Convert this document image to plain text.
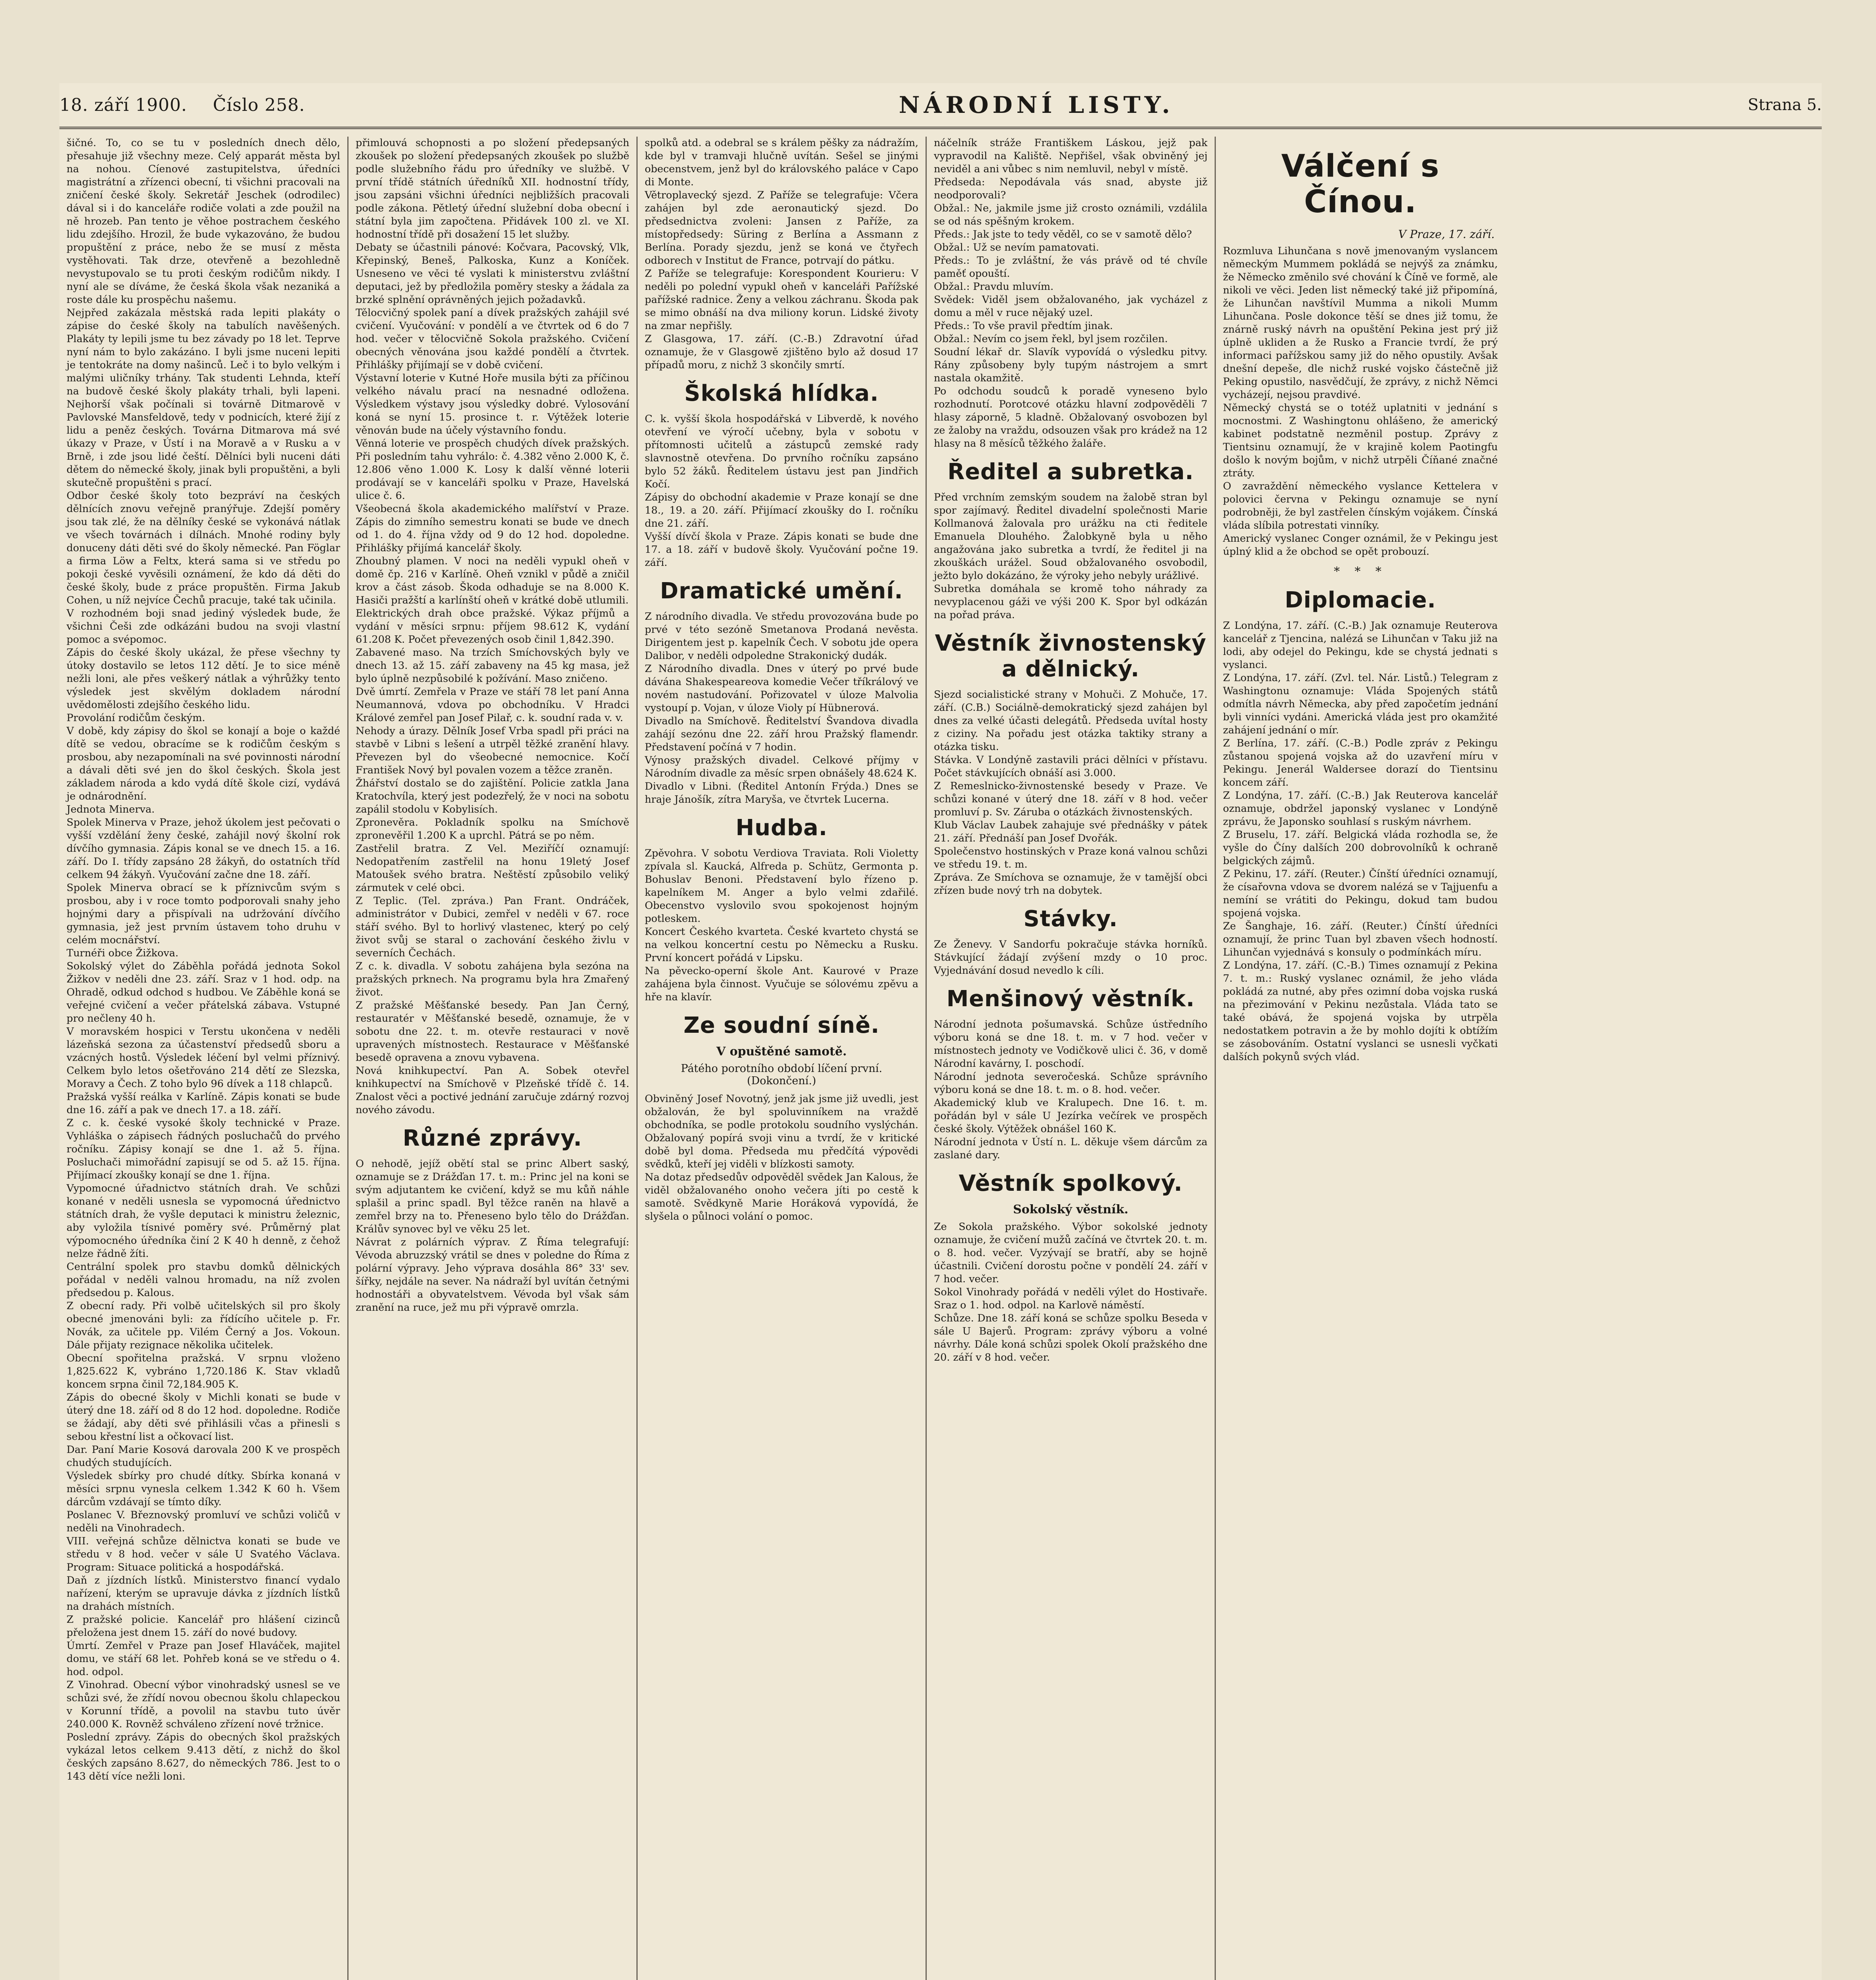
18. září 1900. Číslo 258.	NÁRODNÍ LISTY.	Strana 5.

šičné. To, co se tu v posledních dnech dělo, přesahuje již všechny meze. Celý apparát města byl na nohou. Cíenové zastupitelstva, úředníci magistrátní a zřízenci obecní, ti všichni pracovali na zničení české školy. Sekretář Jeschek (odrodilec) dával si i do kanceláře rodiče volati a zde použil na ně hrozeb. Pan tento je věhoe postrachem českého lidu zdejšího. Hrozil, že bude vykazováno, že budou propuštění z práce, nebo že se musí z města vystěhovati. Tak drze, otevřeně a bezohledně nevystupovalo se tu proti českým rodičům nikdy. I nyní ale se díváme, že česká škola však nezaniká a roste dále ku prospěchu našemu.
Nejpřed zakázala městská rada lepiti plakáty o zápise do české školy na tabulích navěšených. Plakáty ty lepili jsme tu bez závady po 18 let. Teprve nyní nám to bylo zakázáno. I byli jsme nuceni lepiti je tentokráte na domy našinců. Leč i to bylo velkým i malými uličníky trhány. Tak studenti Lehnda, kteří na budově české školy plakáty trhali, byli lapeni. Nejhorší však počínali si továrně Ditmarově v Pavlovské Mansfeldově, tedy v podnicích, které žijí z lidu a peněz českých. Továrna Ditmarova má své úkazy v Praze, v Ústí i na Moravě a v Rusku a v Brně, i zde jsou lidé čeští. Dělníci byli nuceni dáti dětem do německé školy, jinak byli propuštěni, a byli skutečně propuštěni s prací.
Odbor české školy toto bezpráví na českých dělnících znovu veřejně pranýřuje. Zdejší poměry jsou tak zlé, že na dělníky české se vykonává nátlak ve všech továrnách i dílnách. Mnohé rodiny byly donuceny dáti děti své do školy německé. Pan Föglar a firma Löw a Feltx, která sama si ve středu po pokoji české vyvěsili oznámení, že kdo dá děti do české školy, bude z práce propuštěn. Firma Jakub Cohen, u níž nejvíce Čechů pracuje, také tak učinila.
V rozhodném boji snad jediný výsledek bude, že všichni Češi zde odkázáni budou na svoji vlastní pomoc a svépomoc.
Zápis do české školy ukázal, že přese všechny ty útoky dostavilo se letos 112 dětí. Je to sice méně nežli loni, ale přes veškerý nátlak a výhrůžky tento výsledek jest skvělým dokladem národní uvědomělosti zdejšího českého lidu.
Provolání rodičům českým.
V době, kdy zápisy do škol se konají a boje o každé dítě se vedou, obracíme se k rodičům českým s prosbou, aby nezapomínali na své povinnosti národní a dávali děti své jen do škol českých. Škola jest základem národa a kdo vydá dítě škole cizí, vydává je odnárodnění.
Jednota Minerva.
Spolek Minerva v Praze, jehož úkolem jest pečovati o vyšší vzdělání ženy české, zahájil nový školní rok dívčího gymnasia. Zápis konal se ve dnech 15. a 16. září. Do I. třídy zapsáno 28 žákyň, do ostatních tříd celkem 94 žákyň. Vyučování začne dne 18. září.
Spolek Minerva obrací se k příznivcům svým s prosbou, aby i v roce tomto podporovali snahy jeho hojnými dary a přispívali na udržování dívčího gymnasia, jež jest prvním ústavem toho druhu v celém mocnářství.
Turnéři obce Žižkova.
Sokolský výlet do Záběhla pořádá jednota Sokol Žižkov v neděli dne 23. září. Sraz v 1 hod. odp. na Ohradě, odkud odchod s hudbou. Ve Záběhle koná se veřejné cvičení a večer přátelská zábava. Vstupné pro nečleny 40 h.
V moravském hospici v Terstu ukončena v neděli lázeňská sezona za účastenství předsedů sboru a vzácných hostů. Výsledek léčení byl velmi příznivý. Celkem bylo letos ošetřováno 214 dětí ze Slezska, Moravy a Čech. Z toho bylo 96 dívek a 118 chlapců.
Pražská vyšší reálka v Karlíně. Zápis konati se bude dne 16. září a pak ve dnech 17. a 18. září.
Z c. k. české vysoké školy technické v Praze. Vyhláška o zápisech řádných posluchačů do prvého ročníku. Zápisy konají se dne 1. až 5. října. Posluchači mimořádní zapisují se od 5. až 15. října. Přijímací zkoušky konají se dne 1. října.
Vypomocné úřadnictvo státních drah. Ve schůzi konané v neděli usnesla se vypomocná úřednictvo státních drah, že vyšle deputaci k ministru železnic, aby vyložila tísnivé poměry své. Průměrný plat výpomocného úředníka činí 2 K 40 h denně, z čehož nelze řádně žíti.
Centrální spolek pro stavbu domků dělnických pořádal v neděli valnou hromadu, na níž zvolen předsedou p. Kalous.
Z obecní rady. Při volbě učitelských sil pro školy obecné jmenováni byli: za řídícího učitele p. Fr. Novák, za učitele pp. Vilém Černý a Jos. Vokoun. Dále přijaty rezignace několika učitelek.
Obecní spořitelna pražská. V srpnu vloženo 1,825.622 K, vybráno 1,720.186 K. Stav vkladů koncem srpna činil 72,184.905 K.
Zápis do obecné školy v Michli konati se bude v úterý dne 18. září od 8 do 12 hod. dopoledne. Rodiče se žádají, aby děti své přihlásili včas a přinesli s sebou křestní list a očkovací list.
Dar. Paní Marie Kosová darovala 200 K ve prospěch chudých studujících.
Výsledek sbírky pro chudé dítky. Sbírka konaná v měsíci srpnu vynesla celkem 1.342 K 60 h. Všem dárcům vzdávají se tímto díky.
Poslanec V. Březnovský promluví ve schůzi voličů v neděli na Vinohradech.
VIII. veřejná schůze dělnictva konati se bude ve středu v 8 hod. večer v sále U Svatého Václava. Program: Situace politická a hospodářská.
Daň z jízdních lístků. Ministerstvo financí vydalo nařízení, kterým se upravuje dávka z jízdních lístků na drahách místních.
Z pražské policie. Kancelář pro hlášení cizinců přeložena jest dnem 15. září do nové budovy.
Úmrtí. Zemřel v Praze pan Josef Hlaváček, majitel domu, ve stáří 68 let. Pohřeb koná se ve středu o 4. hod. odpol.
Z Vinohrad. Obecní výbor vinohradský usnesl se ve schůzi své, že zřídí novou obecnou školu chlapeckou v Korunní třídě, a povolil na stavbu tuto úvěr 240.000 K. Rovněž schváleno zřízení nové tržnice.
Poslední zprávy. Zápis do obecných škol pražských vykázal letos celkem 9.413 dětí, z nichž do škol českých zapsáno 8.627, do německých 786. Jest to o 143 dětí více nežli loni.

přimlouvá schopnosti a po složení předepsaných zkoušek po složení předepsaných zkoušek po službě podle služebního řádu pro úředníky ve službě. V první třídě státních úředníků XII. hodnostní třídy, jsou zapsáni všichni úředníci nejbližších pracovali podle zákona. Pětletý úřední služební doba obecní i státní byla jim započtena. Přidávek 100 zl. ve XI. hodnostní třídě při dosažení 15 let služby.
Debaty se účastnili pánové: Kočvara, Pacovský, Vlk, Křepinský, Beneš, Palkoska, Kunz a Koníček. Usneseno ve věci té vyslati k ministerstvu zvláštní deputaci, jež by předložila poměry stesky a žádala za brzké splnění oprávněných jejich požadavků.
Tělocvičný spolek paní a dívek pražských zahájil své cvičení. Vyučování: v pondělí a ve čtvrtek od 6 do 7 hod. večer v tělocvičně Sokola pražského. Cvičení obecných věnována jsou každé pondělí a čtvrtek. Přihlášky přijímají se v době cvičení.
Výstavní loterie v Kutné Hoře musila býti za příčinou velkého návalu prací na nesnadné odložena. Výsledkem výstavy jsou výsledky dobré. Vylosování koná se nyní 15. prosince t. r. Výtěžek loterie věnován bude na účely výstavního fondu.
Věnná loterie ve prospěch chudých dívek pražských. Při posledním tahu vyhrálo: č. 4.382 věno 2.000 K, č. 12.806 věno 1.000 K. Losy k další věnné loterii prodávají se v kanceláři spolku v Praze, Havelská ulice č. 6.
Všeobecná škola akademického malířství v Praze. Zápis do zimního semestru konati se bude ve dnech od 1. do 4. října vždy od 9 do 12 hod. dopoledne. Přihlášky přijímá kancelář školy.
Zhoubný plamen. V noci na neděli vypukl oheň v domě čp. 216 v Karlíně. Oheň vznikl v půdě a zničil krov a část zásob. Škoda odhaduje se na 8.000 K. Hasiči pražští a karlínští oheň v krátké době utlumili.
Elektrických drah obce pražské. Výkaz příjmů a vydání v měsíci srpnu: příjem 98.612 K, vydání 61.208 K. Počet převezených osob činil 1,842.390.
Zabavené maso. Na trzích Smíchovských byly ve dnech 13. až 15. září zabaveny na 45 kg masa, jež bylo úplně nezpůsobilé k požívání. Maso zničeno.
Dvě úmrtí. Zemřela v Praze ve stáří 78 let paní Anna Neumannová, vdova po obchodníku. V Hradci Králové zemřel pan Josef Pilař, c. k. soudní rada v. v.
Nehody a úrazy. Dělník Josef Vrba spadl při práci na stavbě v Libni s lešení a utrpěl těžké zranění hlavy. Převezen byl do všeobecné nemocnice. Kočí František Nový byl povalen vozem a těžce zraněn.
Žhářství dostalo se do zajištění. Policie zatkla Jana Kratochvíla, který jest podezřelý, že v noci na sobotu zapálil stodolu v Kobylisích.
Zpronevěra. Pokladník spolku na Smíchově zpronevěřil 1.200 K a uprchl. Pátrá se po něm.
Zastřelil bratra. Z Vel. Meziříčí oznamují: Nedopatřením zastřelil na honu 19letý Josef Matoušek svého bratra. Neštěstí způsobilo veliký zármutek v celé obci.
Z Teplic. (Tel. zpráva.) Pan Frant. Ondráček, administrátor v Dubici, zemřel v neděli v 67. roce stáří svého. Byl to horlivý vlastenec, který po celý život svůj se staral o zachování českého živlu v severních Čechách.
Z c. k. divadla. V sobotu zahájena byla sezóna na pražských prknech. Na programu byla hra Zmařený život.
Z pražské Měšťanské besedy. Pan Jan Černý, restauratér v Měšťanské besedě, oznamuje, že v sobotu dne 22. t. m. otevře restauraci v nově upravených místnostech. Restaurace v Měšťanské besedě opravena a znovu vybavena.
Nová knihkupectví. Pan A. Sobek otevřel knihkupectví na Smíchově v Plzeňské třídě č. 14. Znalost věci a poctivé jednání zaručuje zdárný rozvoj nového závodu.

Různé zprávy.

O nehodě, jejíž obětí stal se princ Albert saský, oznamuje se z Drážďan 17. t. m.: Princ jel na koni se svým adjutantem ke cvičení, když se mu kůň náhle splašil a princ spadl. Byl těžce raněn na hlavě a zemřel brzy na to. Přeneseno bylo tělo do Drážďan. Králův synovec byl ve věku 25 let.
Návrat z polárních výprav. Z Říma telegrafují: Vévoda abruzzský vrátil se dnes v poledne do Říma z polární výpravy. Jeho výprava dosáhla 86° 33' sev. šířky, nejdále na sever. Na nádraží byl uvítán četnými hodnostáři a obyvatelstvem. Vévoda byl však sám zranění na ruce, jež mu při výpravě omrzla.

spolků atd. a odebral se s králem pěšky za nádražím, kde byl v tramvaji hlučně uvítán. Sešel se jinými obecenstvem, jenž byl do královského paláce v Capo di Monte.
Větroplavecký sjezd. Z Paříže se telegrafuje: Včera zahájen byl zde aeronautický sjezd. Do předsednictva zvoleni: Jansen z Paříže, za místopředsedy: Süring z Berlína a Assmann z Berlína. Porady sjezdu, jenž se koná ve čtyřech odborech v Institut de France, potrvají do pátku.
Z Paříže se telegrafuje: Korespondent Kourieru: V neděli po polední vypukl oheň v kanceláři Pařížské pařížské radnice. Ženy a velkou záchranu. Škoda pak se mimo obnáší na dva miliony korun. Lidské životy na zmar nepřišly.
Z Glasgowa, 17. září. (C.-B.) Zdravotní úřad oznamuje, že v Glasgowě zjištěno bylo až dosud 17 případů moru, z nichž 3 skončily smrtí.

Školská hlídka.

C. k. vyšší škola hospodářská v Libverdě, k nového otevření ve výročí učebny, byla v sobotu v přítomnosti učitelů a zástupců zemské rady slavnostně otevřena. Do prvního ročníku zapsáno bylo 52 žáků. Ředitelem ústavu jest pan Jindřich Kočí.
Zápisy do obchodní akademie v Praze konají se dne 18., 19. a 20. září. Přijímací zkoušky do I. ročníku dne 21. září.
Vyšší dívčí škola v Praze. Zápis konati se bude dne 17. a 18. září v budově školy. Vyučování počne 19. září.

Dramatické umění.

Z národního divadla. Ve středu provozována bude po prvé v této sezóně Smetanova Prodaná nevěsta. Dirigentem jest p. kapelník Čech. V sobotu jde opera Dalibor, v neděli odpoledne Strakonický dudák.
Z Národního divadla. Dnes v úterý po prvé bude dávána Shakespeareova komedie Večer tříkrálový ve novém nastudování. Pořizovatel v úloze Malvolia vystoupí p. Vojan, v úloze Violy pí Hübnerová.
Divadlo na Smíchově. Ředitelství Švandova divadla zahájí sezónu dne 22. září hrou Pražský flamendr. Představení počíná v 7 hodin.
Výnosy pražských divadel. Celkové příjmy v Národním divadle za měsíc srpen obnášely 48.624 K.
Divadlo v Libni. (Ředitel Antonín Frýda.) Dnes se hraje Jánošík, zítra Maryša, ve čtvrtek Lucerna.

Hudba.

Zpěvohra. V sobotu Verdiova Traviata. Roli Violetty zpívala sl. Kaucká, Alfreda p. Schütz, Germonta p. Bohuslav Benoni. Představení bylo řízeno p. kapelníkem M. Anger a bylo velmi zdařilé. Obecenstvo vyslovilo svou spokojenost hojným potleskem.
Koncert Českého kvarteta. České kvarteto chystá se na velkou koncertní cestu po Německu a Rusku. První koncert pořádá v Lipsku.
Na pěvecko-operní škole Ant. Kaurové v Praze zahájena byla činnost. Vyučuje se sólovému zpěvu a hře na klavír.

Ze soudní síně.
V opuštěné samotě.
Pátého porotního období líčení první. (Dokončení.)

Obviněný Josef Novotný, jenž jak jsme již uvedli, jest obžalován, že byl spoluvinníkem na vraždě obchodníka, se podle protokolu soudního vyslýchán. Obžalovaný popírá svoji vinu a tvrdí, že v kritické době byl doma. Předseda mu předčítá výpovědi svědků, kteří jej viděli v blízkosti samoty.
Na dotaz předsedův odpověděl svědek Jan Kalous, že viděl obžalovaného onoho večera jíti po cestě k samotě. Svědkyně Marie Horáková vypovídá, že slyšela o půlnoci volání o pomoc.

náčelník stráže Františkem Láskou, jejž pak vypravodil na Kaliště. Nepřišel, však obviněný jej neviděl a ani vůbec s nim nemluvil, nebyl v místě.
Předseda: Nepodávala vás snad, abyste již neodporovali?
Obžal.: Ne, jakmile jsme již crosto oznámili, vzdálila se od nás spěšným krokem.
Předs.: Jak jste to tedy věděl, co se v samotě dělo?
Obžal.: Už se nevím pamatovati.
Předs.: To je zvláštní, že vás právě od té chvíle paměť opouští.
Obžal.: Pravdu mluvím.
Svědek: Viděl jsem obžalovaného, jak vycházel z domu a měl v ruce nějaký uzel.
Předs.: To vše pravil předtím jinak.
Obžal.: Nevím co jsem řekl, byl jsem rozčilen.
Soudní lékař dr. Slavík vypovídá o výsledku pitvy. Rány způsobeny byly tupým nástrojem a smrt nastala okamžitě.
Po odchodu soudců k poradě vyneseno bylo rozhodnutí. Porotcové otázku hlavní zodpověděli 7 hlasy záporně, 5 kladně. Obžalovaný osvobozen byl ze žaloby na vraždu, odsouzen však pro krádež na 12 hlasy na 8 měsíců těžkého žaláře.

Ředitel a subretka.

Před vrchním zemským soudem na žalobě stran byl spor zajímavý. Ředitel divadelní společnosti Marie Kollmanová žalovala pro urážku na cti ředitele Emanuela Dlouhého. Žalobkyně byla u něho angažována jako subretka a tvrdí, že ředitel ji na zkouškách urážel. Soud obžalovaného osvobodil, ježto bylo dokázáno, že výroky jeho nebyly urážlivé.
Subretka domáhala se kromě toho náhrady za nevyplacenou gáži ve výši 200 K. Spor byl odkázán na pořad práva.

Věstník živnostenský a dělnický.

Sjezd socialistické strany v Mohuči. Z Mohuče, 17. září. (C.B.) Sociálně-demokratický sjezd zahájen byl dnes za velké účasti delegátů. Předseda uvítal hosty z ciziny. Na pořadu jest otázka taktiky strany a otázka tisku.
Stávka. V Londýně zastavili práci dělníci v přístavu. Počet stávkujících obnáší asi 3.000.
Z Remeslnicko-živnostenské besedy v Praze. Ve schůzi konané v úterý dne 18. září v 8 hod. večer promluví p. Sv. Záruba o otázkách živnostenských.
Klub Václav Laubek zahajuje své přednášky v pátek 21. září. Přednáší pan Josef Dvořák.
Společenstvo hostinských v Praze koná valnou schůzi ve středu 19. t. m.
Zpráva. Ze Smíchova se oznamuje, že v tamější obci zřízen bude nový trh na dobytek.

Stávky.

Ze Ženevy. V Sandorfu pokračuje stávka horníků. Stávkující žádají zvýšení mzdy o 10 proc. Vyjednávání dosud nevedlo k cíli.

Menšinový věstník.

Národní jednota pošumavská. Schůze ústředního výboru koná se dne 18. t. m. v 7 hod. večer v místnostech jednoty ve Vodičkově ulici č. 36, v domě Národní kavárny, I. poschodí.
Národní jednota severočeská. Schůze správního výboru koná se dne 18. t. m. o 8. hod. večer.
Akademický klub ve Kralupech. Dne 16. t. m. pořádán byl v sále U Jezírka večírek ve prospěch české školy. Výtěžek obnášel 160 K.
Národní jednota v Ústí n. L. děkuje všem dárcům za zaslané dary.

Věstník spolkový.
Sokolský věstník.

Ze Sokola pražského. Výbor sokolské jednoty oznamuje, že cvičení mužů začíná ve čtvrtek 20. t. m. o 8. hod. večer. Vyzývají se bratří, aby se hojně účastnili. Cvičení dorostu počne v pondělí 24. září v 7 hod. večer.
Sokol Vinohrady pořádá v neděli výlet do Hostivaře. Sraz o 1. hod. odpol. na Karlově náměstí.
Schůze. Dne 18. září koná se schůze spolku Beseda v sále U Bajerů. Program: zprávy výboru a volné návrhy. Dále koná schůzi spolek Okolí pražského dne 20. září v 8 hod. večer.

Válčení s Čínou.
V Praze, 17. září.

Rozmluva Lihunčana s nově jmenovaným vyslancem německým Mummem pokládá se nejvýš za známku, že Německo změnilo své chování k Číně ve formě, ale nikoli ve věci. Jeden list německý také již připomíná, že Lihunčan navštívil Mumma a nikoli Mumm Lihunčana. Posle dokonce těší se dnes již tomu, že znárně ruský návrh na opuštění Pekina jest prý již úplně ukliden a že Rusko a Francie tvrdí, že prý informaci pařížskou samy již do něho opustily. Avšak dnešní depeše, dle nichž ruské vojsko částečně již Peking opustilo, nasvědčují, že zprávy, z nichž Němci vycházejí, nejsou pravdivé.
Německý chystá se o totéž uplatniti v jednání s mocnostmi. Z Washingtonu ohlášeno, že americký kabinet podstatně nezměnil postup. Zprávy z Tientsinu oznamují, že v krajině kolem Paotingfu došlo k novým bojům, v nichž utrpěli Číňané značné ztráty.
O zavraždění německého vyslance Kettelera v polovici června v Pekingu oznamuje se nyní podrobněji, že byl zastřelen čínským vojákem. Čínská vláda slíbila potrestati vinníky.
Americký vyslanec Conger oznámil, že v Pekingu jest úplný klid a že obchod se opět probouzí.

* * *
Diplomacie.

Z Londýna, 17. září. (C.-B.) Jak oznamuje Reuterova kancelář z Tjencina, nalézá se Lihunčan v Taku již na lodi, aby odejel do Pekingu, kde se chystá jednati s vyslanci.
Z Londýna, 17. září. (Zvl. tel. Nár. Listů.) Telegram z Washingtonu oznamuje: Vláda Spojených států odmítla návrh Německa, aby před započetím jednání byli vinníci vydáni. Americká vláda jest pro okamžité zahájení jednání o mír.
Z Berlína, 17. září. (C.-B.) Podle zpráv z Pekingu zůstanou spojená vojska až do uzavření míru v Pekingu. Jenerál Waldersee dorazí do Tientsinu koncem září.
Z Londýna, 17. září. (C.-B.) Jak Reuterova kancelář oznamuje, obdržel japonský vyslanec v Londýně zprávu, že Japonsko souhlasí s ruským návrhem.
Z Bruselu, 17. září. Belgická vláda rozhodla se, že vyšle do Číny dalších 200 dobrovolníků k ochraně belgických zájmů.
Z Pekinu, 17. září. (Reuter.) Čínští úředníci oznamují, že císařovna vdova se dvorem nalézá se v Tajjuenfu a nemíní se vrátiti do Pekingu, dokud tam budou spojená vojska.
Ze Šanghaje, 16. září. (Reuter.) Čínští úředníci oznamují, že princ Tuan byl zbaven všech hodností. Lihunčan vyjednává s konsuly o podmínkách míru.
Z Londýna, 17. září. (C.-B.) Times oznamují z Pekina 7. t. m.: Ruský vyslanec oznámil, že jeho vláda pokládá za nutné, aby přes ozimní doba vojska ruská na přezimování v Pekinu nezůstala. Vláda tato se také obává, že spojená vojska by utrpěla nedostatkem potravin a že by mohlo dojíti k obtížím se zásobováním. Ostatní vyslanci se usnesli vyčkati dalších pokynů svých vlád.
